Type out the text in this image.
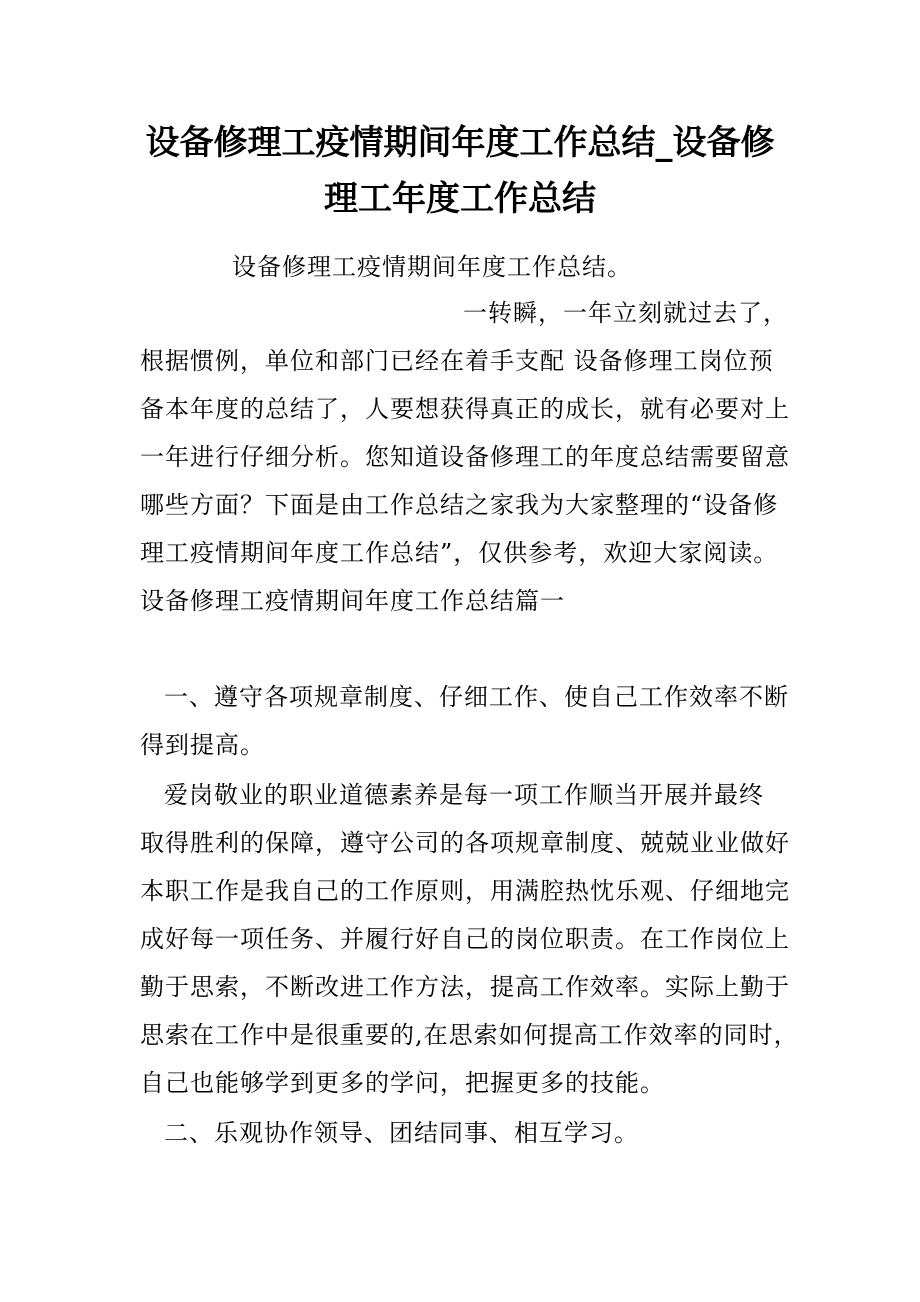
设备修理工疫情期间年度工作总结_设备修
理工年度工作总结

设备修理工疫情期间年度工作总结。

一转瞬，一年立刻就过去了，

根据惯例，单位和部门已经在着手支配 设备修理工岗位预

备本年度的总结了，人要想获得真正的成长，就有必要对上

一年进行仔细分析。您知道设备修理工的年度总结需要留意

哪些方面？下面是由工作总结之家我为大家整理的“设备修

理工疫情期间年度工作总结”，仅供参考，欢迎大家阅读。

设备修理工疫情期间年度工作总结篇一

一、遵守各项规章制度、仔细工作、使自己工作效率不断

得到提高。

爱岗敬业的职业道德素养是每一项工作顺当开展并最终

取得胜利的保障，遵守公司的各项规章制度、兢兢业业做好

本职工作是我自己的工作原则，用满腔热忱乐观、仔细地完

成好每一项任务、并履行好自己的岗位职责。在工作岗位上

勤于思索，不断改进工作方法，提高工作效率。实际上勤于

思索在工作中是很重要的,在思索如何提高工作效率的同时，

自己也能够学到更多的学问，把握更多的技能。

二、乐观协作领导、团结同事、相互学习。
